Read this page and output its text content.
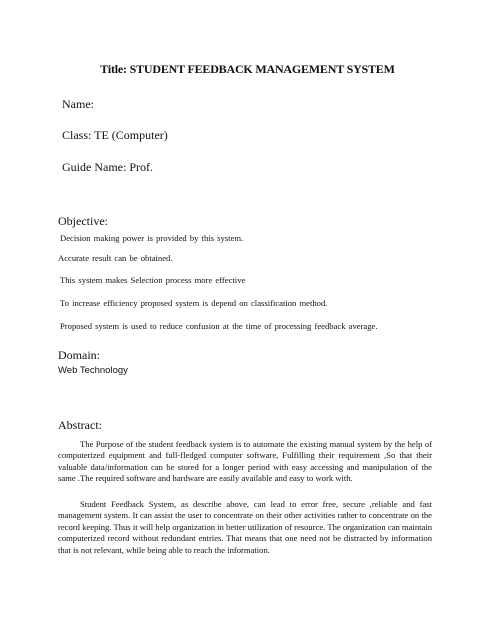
Title: STUDENT FEEDBACK MANAGEMENT SYSTEM
Name:
Class: TE (Computer)
Guide Name: Prof.
Objective:
Decision making power is provided by this system.
Accurate result can be obtained.
This system makes Selection process more effective
To increase efficiency proposed system is depend on classification method.
Proposed system is used to reduce confusion at the time of processing feedback average.
Domain:
Web Technology
Abstract:

The Purpose of the student feedback system is to automate the existing manual system by the help of computerized equipment and full-fledged computer software, Fulfilling their requirement ,So that their valuable data/information can be stored for a longer period with easy accessing and manipulation of the same .The required software and hardware are easily available and easy to work with.

Student Feedback System, as describe above, can lead to error free, secure ,reliable and fast management system. It can assist the user to concentrate on their other activities rather to concentrate on the record keeping. Thus it will help organization in better utilization of resource. The organization can maintain computerized record without redundant entries. That means that one need not be distracted by information that is not relevant, while being able to reach the information.
